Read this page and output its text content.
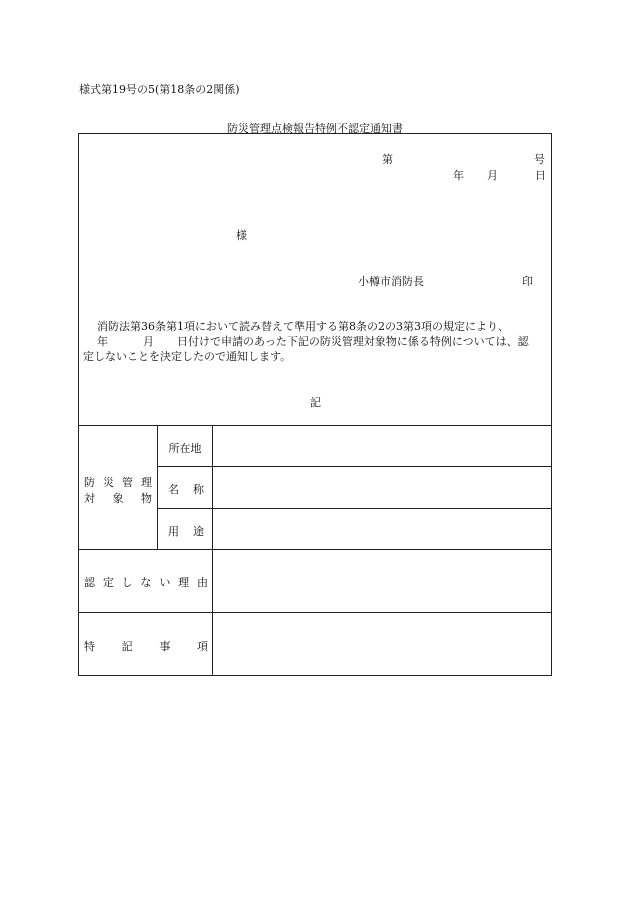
様式第19号の5(第18条の2関係)
防災管理点検報告特例不認定通知書
第	号
年 月	日
様
小樽市消防長	印
消防法第36条第1項において読み替えて準用する第8条の2の3第3項の規定により、
年	月 日付けで申請のあった下記の防災管理対象物に係る特例については、認
定しないことを決定したので通知します。
記
防 災 管 理
対 象 物
所在地
名 称
用 途
認 定 し な い 理 由
特 記 事 項
